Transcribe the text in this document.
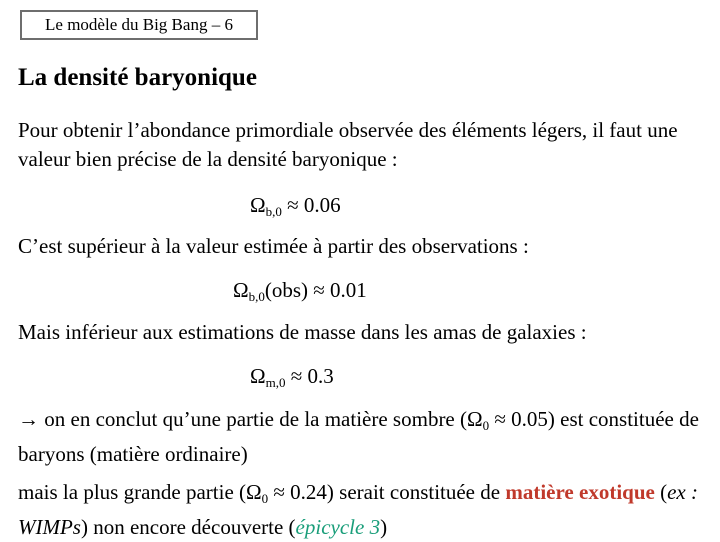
Le modèle du Big Bang – 6
La densité baryonique

Pour obtenir l’abondance primordiale observée des éléments légers, il faut une valeur bien précise de la densité baryonique :

$\Omega_{b,0} \approx 0.06$

C’est supérieur à la valeur estimée à partir des observations :

$\Omega_{b,0}(obs) \approx 0.01$

Mais inférieur aux estimations de masse dans les amas de galaxies :

$\Omega_{m,0} \approx 0.3$

→ on en conclut qu’une partie de la matière sombre $(\Omega_0 \approx 0.05)$ est constituée de baryons (matière ordinaire)

mais la plus grande partie $(\Omega_0 \approx 0.24)$ serait constituée de matière exotique (ex : WIMPs) non encore découverte (épicycle 3)
